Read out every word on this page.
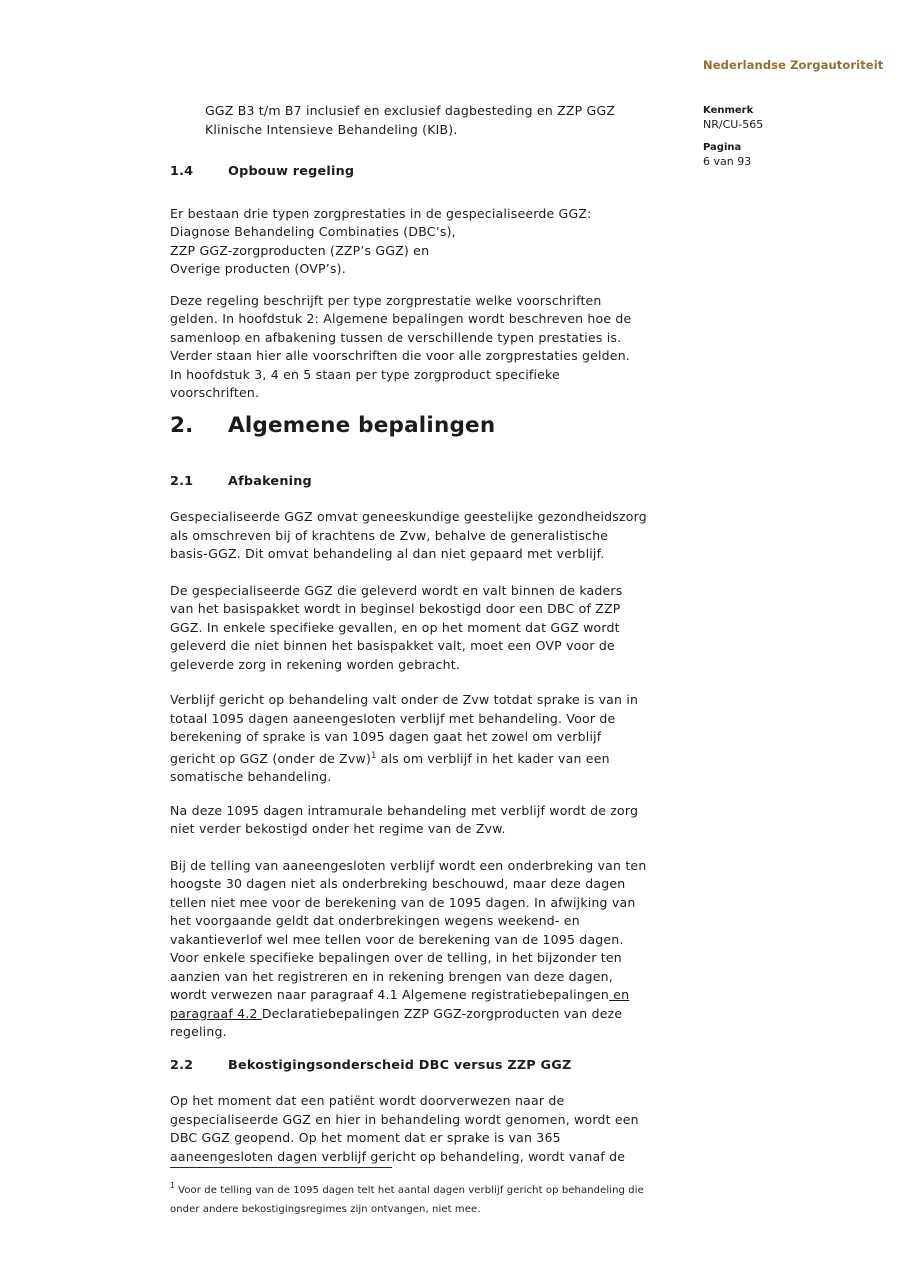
Nederlandse Zorgautoriteit
Kenmerk
NR/CU-565
Pagina
6 van 93
GGZ B3 t/m B7 inclusief en exclusief dagbesteding en ZZP GGZ
Klinische Intensieve Behandeling (KIB).
1.4	Opbouw regeling
Er bestaan drie typen zorgprestaties in de gespecialiseerde GGZ:
Diagnose Behandeling Combinaties (DBC’s),
ZZP GGZ-zorgproducten (ZZP’s GGZ) en
Overige producten (OVP’s).
Deze regeling beschrijft per type zorgprestatie welke voorschriften
gelden. In hoofdstuk 2: Algemene bepalingen wordt beschreven hoe de
samenloop en afbakening tussen de verschillende typen prestaties is.
Verder staan hier alle voorschriften die voor alle zorgprestaties gelden.
In hoofdstuk 3, 4 en 5 staan per type zorgproduct specifieke
voorschriften.
2. Algemene bepalingen
2.1	Afbakening
Gespecialiseerde GGZ omvat geneeskundige geestelijke gezondheidszorg
als omschreven bij of krachtens de Zvw, behalve de generalistische
basis-GGZ. Dit omvat behandeling al dan niet gepaard met verblijf.
De gespecialiseerde GGZ die geleverd wordt en valt binnen de kaders
van het basispakket wordt in beginsel bekostigd door een DBC of ZZP
GGZ. In enkele specifieke gevallen, en op het moment dat GGZ wordt
geleverd die niet binnen het basispakket valt, moet een OVP voor de
geleverde zorg in rekening worden gebracht.
Verblijf gericht op behandeling valt onder de Zvw totdat sprake is van in
totaal 1095 dagen aaneengesloten verblijf met behandeling. Voor de
berekening of sprake is van 1095 dagen gaat het zowel om verblijf
gericht op GGZ (onder de Zvw)$^1$ als om verblijf in het kader van een
somatische behandeling.
Na deze 1095 dagen intramurale behandeling met verblijf wordt de zorg
niet verder bekostigd onder het regime van de Zvw.
Bij de telling van aaneengesloten verblijf wordt een onderbreking van ten
hoogste 30 dagen niet als onderbreking beschouwd, maar deze dagen
tellen niet mee voor de berekening van de 1095 dagen. In afwijking van
het voorgaande geldt dat onderbrekingen wegens weekend- en
vakantieverlof wel mee tellen voor de berekening van de 1095 dagen.
Voor enkele specifieke bepalingen over de telling, in het bijzonder ten
aanzien van het registreren en in rekening brengen van deze dagen,
wordt verwezen naar paragraaf 4.1 Algemene registratiebepalingen en
paragraaf 4.2 Declaratiebepalingen ZZP GGZ-zorgproducten van deze
regeling.
2.2	Bekostigingsonderscheid DBC versus ZZP GGZ
Op het moment dat een patiënt wordt doorverwezen naar de
gespecialiseerde GGZ en hier in behandeling wordt genomen, wordt een
DBC GGZ geopend. Op het moment dat er sprake is van 365
aaneengesloten dagen verblijf gericht op behandeling, wordt vanaf de
$^1$ Voor de telling van de 1095 dagen telt het aantal dagen verblijf gericht op behandeling die
onder andere bekostigingsregimes zijn ontvangen, niet mee.
